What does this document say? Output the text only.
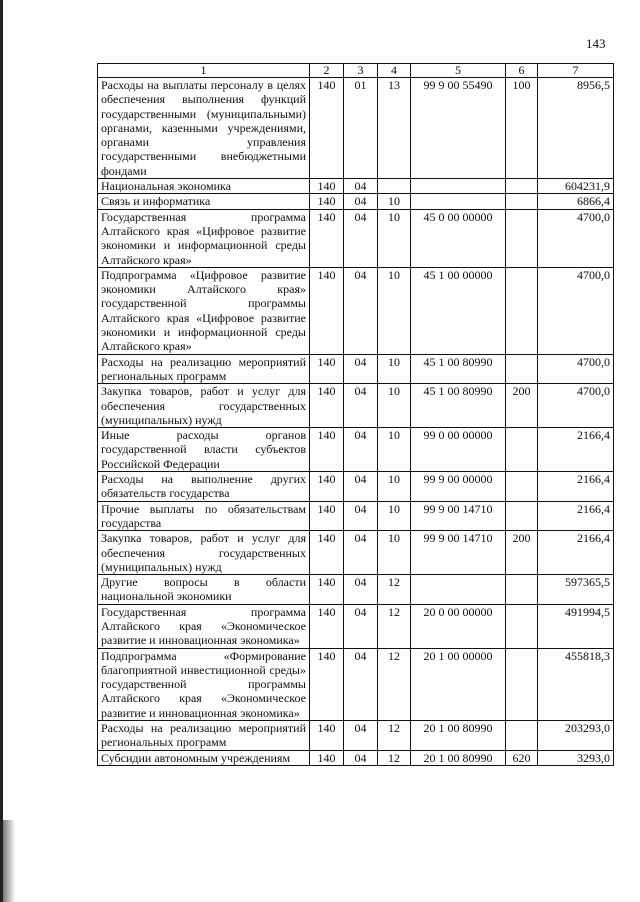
143
1	2	3	4	5	6	7
Расходы на выплаты персоналу в целях обеспечения выполнения функций государственными (муниципальными) органами, казенными учреждениями, органами управления государственными внебюджетными фондами	140	01	13	99 9 00 55490	100	8956,5
Национальная экономика	140	04				604231,9
Связь и информатика	140	04	10			6866,4
Государственная программа Алтайского края «Цифровое развитие экономики и информационной среды Алтайского края»	140	04	10	45 0 00 00000		4700,0
Подпрограмма «Цифровое развитие экономики Алтайского края» государственной программы Алтайского края «Цифровое развитие экономики и информационной среды Алтайского края»	140	04	10	45 1 00 00000		4700,0
Расходы на реализацию мероприятий региональных программ	140	04	10	45 1 00 80990		4700,0
Закупка товаров, работ и услуг для обеспечения государственных (муниципальных) нужд	140	04	10	45 1 00 80990	200	4700,0
Иные расходы органов государственной власти субъектов Российской Федерации	140	04	10	99 0 00 00000		2166,4
Расходы на выполнение других обязательств государства	140	04	10	99 9 00 00000		2166,4
Прочие выплаты по обязательствам государства	140	04	10	99 9 00 14710		2166,4
Закупка товаров, работ и услуг для обеспечения государственных (муниципальных) нужд	140	04	10	99 9 00 14710	200	2166,4
Другие вопросы в области национальной экономики	140	04	12			597365,5
Государственная программа Алтайского края «Экономическое развитие и инновационная экономика»	140	04	12	20 0 00 00000		491994,5
Подпрограмма «Формирование благоприятной инвестиционной среды» государственной программы Алтайского края «Экономическое развитие и инновационная экономика»	140	04	12	20 1 00 00000		455818,3
Расходы на реализацию мероприятий региональных программ	140	04	12	20 1 00 80990		203293,0
Субсидии автономным учреждениям	140	04	12	20 1 00 80990	620	3293,0
